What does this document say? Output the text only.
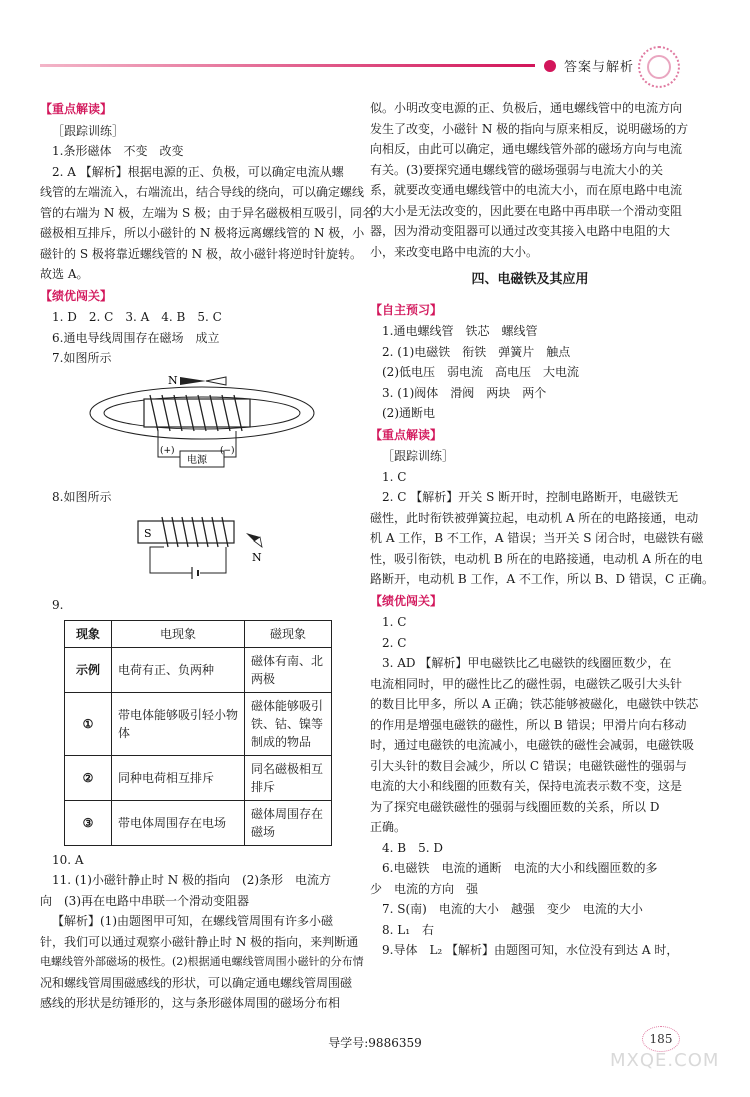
答案与解析
【重点解读】
［跟踪训练］
1.条形磁体　不变　改变
2. A 【解析】根据电源的正、负极，可以确定电流从螺
线管的左端流入，右端流出，结合导线的绕向，可以确定螺线
管的右端为 N 极，左端为 S 极；由于异名磁极相互吸引，同名
磁极相互排斥，所以小磁针的 N 极将远离螺线管的 N 极，小
磁针的 S 极将靠近螺线管的 N 极，故小磁针将逆时针旋转。
故选 A。
【绩优闯关】
1. D　2. C　3. A　4. B　5. C
6.通电导线周围存在磁场　成立
7.如图所示
N
电源
(+)	(−)
8.如图所示
S
N
9.
现象	电现象	磁现象
示例	电荷有正、负两种	磁体有南、北两极
①	带电体能够吸引轻小物体	磁体能够吸引铁、钴、镍等制成的物品
②	同种电荷相互排斥	同名磁极相互排斥
③	带电体周围存在电场	磁体周围存在磁场
10. A
11. (1)小磁针静止时 N 极的指向　(2)条形　电流方
向　(3)再在电路中串联一个滑动变阻器
【解析】(1)由题图甲可知，在螺线管周围有许多小磁
针，我们可以通过观察小磁针静止时 N 极的指向，来判断通
电螺线管外部磁场的极性。(2)根据通电螺线管周围小磁针的分布情
况和螺线管周围磁感线的形状，可以确定通电螺线管周围磁
感线的形状是纺锤形的，这与条形磁体周围的磁场分布相
似。小明改变电源的正、负极后，通电螺线管中的电流方向
发生了改变，小磁针 N 极的指向与原来相反，说明磁场的方
向相反，由此可以确定，通电螺线管外部的磁场方向与电流
有关。(3)要探究通电螺线管的磁场强弱与电流大小的关
系，就要改变通电螺线管中的电流大小，而在原电路中电流
的大小是无法改变的，因此要在电路中再串联一个滑动变阻
器，因为滑动变阻器可以通过改变其接入电路中电阻的大
小，来改变电路中电流的大小。
四、电磁铁及其应用
【自主预习】
1.通电螺线管　铁芯　螺线管
2. (1)电磁铁　衔铁　弹簧片　触点
(2)低电压　弱电流　高电压　大电流
3. (1)阀体　滑阀　两块　两个
(2)通断电
【重点解读】
［跟踪训练］
1. C
2. C 【解析】开关 S 断开时，控制电路断开，电磁铁无
磁性，此时衔铁被弹簧拉起，电动机 A 所在的电路接通，电动
机 A 工作，B 不工作，A 错误；当开关 S 闭合时，电磁铁有磁
性，吸引衔铁，电动机 B 所在的电路接通，电动机 A 所在的电
路断开，电动机 B 工作，A 不工作，所以 B、D 错误，C 正确。
【绩优闯关】
1. C
2. C
3. AD 【解析】甲电磁铁比乙电磁铁的线圈匝数少，在
电流相同时，甲的磁性比乙的磁性弱，电磁铁乙吸引大头针
的数目比甲多，所以 A 正确；铁芯能够被磁化，电磁铁中铁芯
的作用是增强电磁铁的磁性，所以 B 错误；甲滑片向右移动
时，通过电磁铁的电流减小，电磁铁的磁性会减弱，电磁铁吸
引大头针的数目会减少，所以 C 错误；电磁铁磁性的强弱与
电流的大小和线圈的匝数有关，保持电流表示数不变，这是
为了探究电磁铁磁性的强弱与线圈匝数的关系，所以 D
正确。
4. B　5. D
6.电磁铁　电流的通断　电流的大小和线圈匝数的多
少　电流的方向　强
7. S(南)　电流的大小　越强　变少　电流的大小
8. L₁　右
9.导体　L₂ 【解析】由题图可知，水位没有到达 A 时，
导学号:9886359	185
MXQE.COM
